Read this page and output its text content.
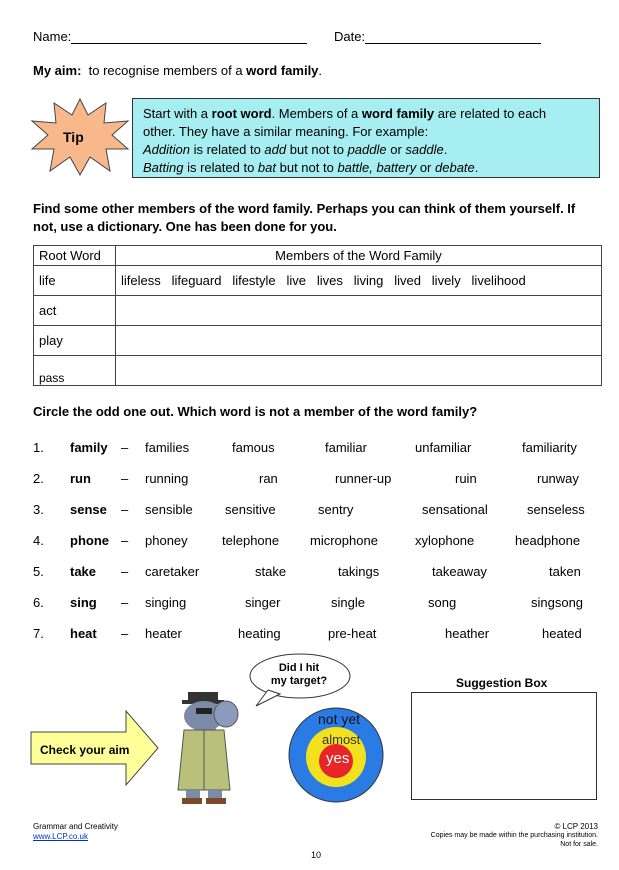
Name:	Date:
My aim: to recognise members of a word family.
Tip
Start with a root word. Members of a word family are related to each
other. They have a similar meaning. For example:
Addition is related to add but not to paddle or saddle.
Batting is related to bat but not to battle, battery or debate.
Find some other members of the word family. Perhaps you can think of them yourself. If
not, use a dictionary. One has been done for you.
Root Word	Members of the Word Family
life	lifeless lifeguard lifestyle live lives living lived lively livelihood
act	
play	
pass	
Circle the odd one out. Which word is not a member of the word family?
1. family – families	famous	familiar	unfamiliar	familiarity
2. run – running	ran	runner-up	ruin	runway
3. sense – sensible sensitive	sentry	sensational	senseless
4. phone – phoney	telephone microphone	xylophone	headphone
5. take – caretaker	stake	takings	takeaway	taken
6. sing – singing	singer	single	song	singsong
7. heat – heater	heating	pre-heat	heather	heated
Check your aim
Did I hit
my target?
not yet
almost
yes
Suggestion Box
Grammar and Creativity
www.LCP.co.uk
10
© LCP 2013
Copies may be made within the purchasing institution.
Not for sale.
